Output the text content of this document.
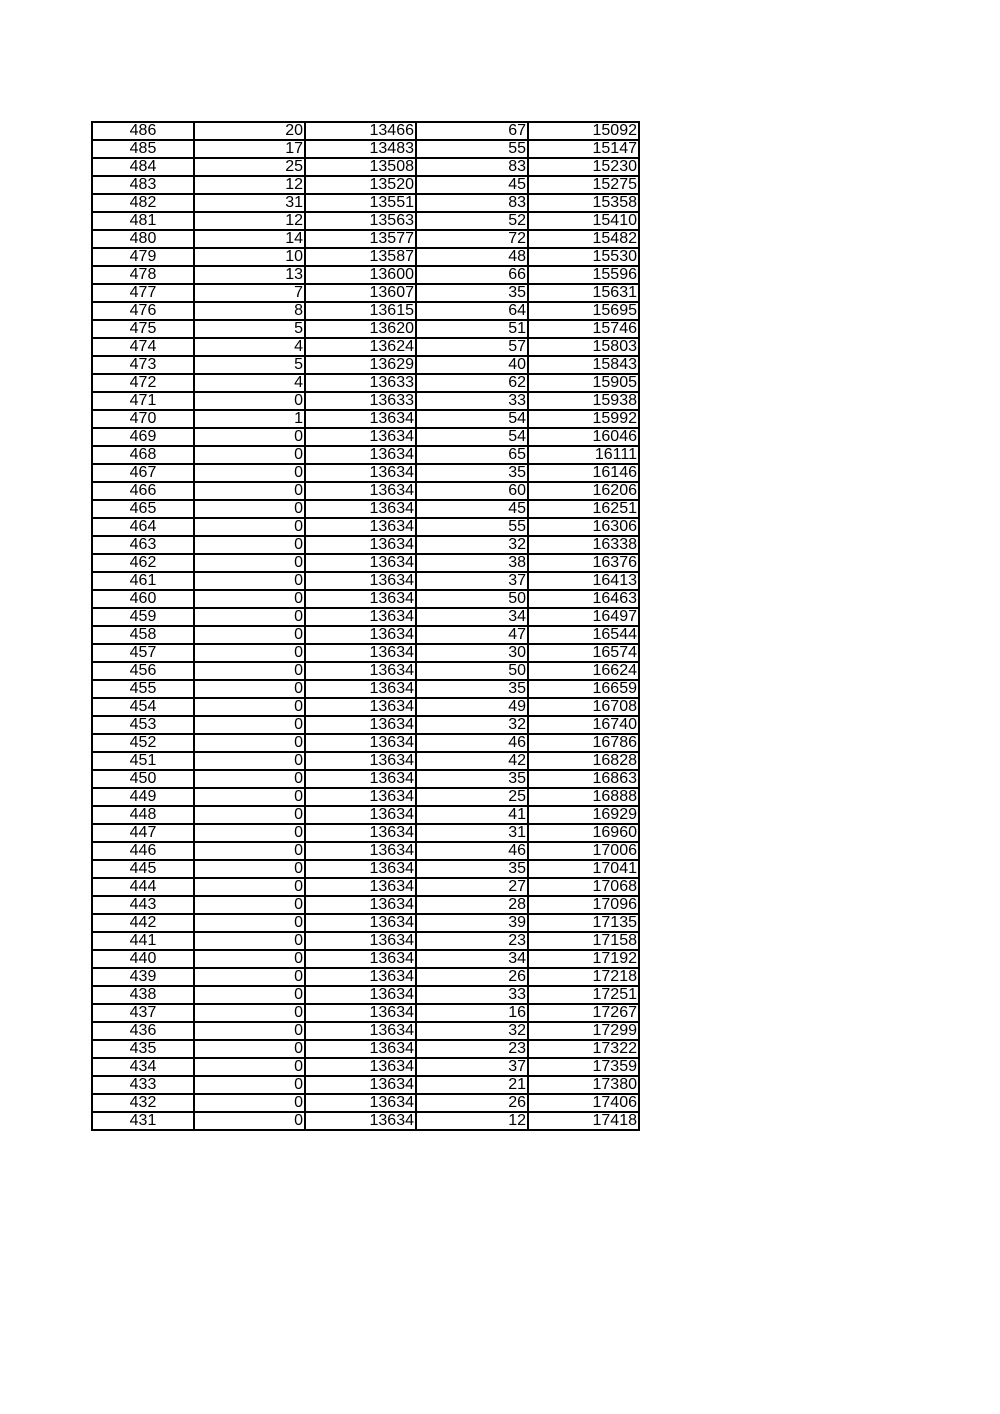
486	20	13466	67	15092
485	17	13483	55	15147
484	25	13508	83	15230
483	12	13520	45	15275
482	31	13551	83	15358
481	12	13563	52	15410
480	14	13577	72	15482
479	10	13587	48	15530
478	13	13600	66	15596
477	7	13607	35	15631
476	8	13615	64	15695
475	5	13620	51	15746
474	4	13624	57	15803
473	5	13629	40	15843
472	4	13633	62	15905
471	0	13633	33	15938
470	1	13634	54	15992
469	0	13634	54	16046
468	0	13634	65	16111
467	0	13634	35	16146
466	0	13634	60	16206
465	0	13634	45	16251
464	0	13634	55	16306
463	0	13634	32	16338
462	0	13634	38	16376
461	0	13634	37	16413
460	0	13634	50	16463
459	0	13634	34	16497
458	0	13634	47	16544
457	0	13634	30	16574
456	0	13634	50	16624
455	0	13634	35	16659
454	0	13634	49	16708
453	0	13634	32	16740
452	0	13634	46	16786
451	0	13634	42	16828
450	0	13634	35	16863
449	0	13634	25	16888
448	0	13634	41	16929
447	0	13634	31	16960
446	0	13634	46	17006
445	0	13634	35	17041
444	0	13634	27	17068
443	0	13634	28	17096
442	0	13634	39	17135
441	0	13634	23	17158
440	0	13634	34	17192
439	0	13634	26	17218
438	0	13634	33	17251
437	0	13634	16	17267
436	0	13634	32	17299
435	0	13634	23	17322
434	0	13634	37	17359
433	0	13634	21	17380
432	0	13634	26	17406
431	0	13634	12	17418
